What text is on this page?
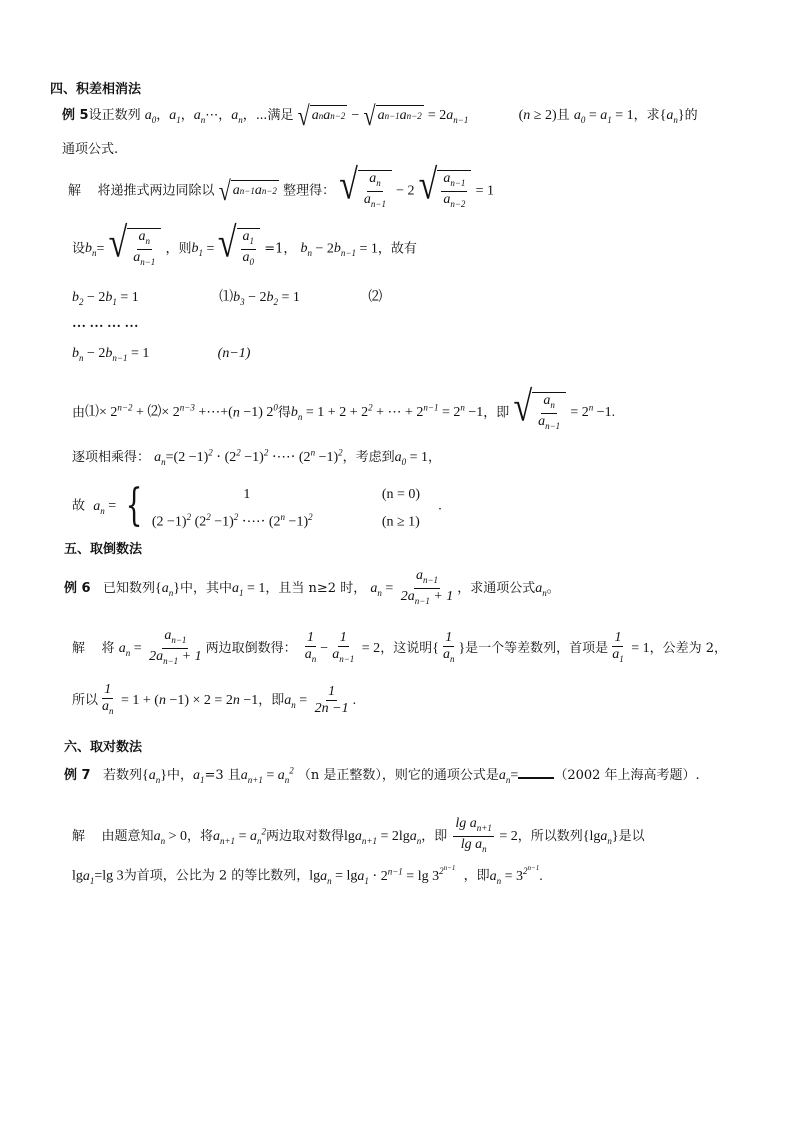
四、积差相消法
例 5设正数列 $a_0$，$a_1$，$a_n\cdots$，$a_n$，⋯满足 √ a n a n−2 − √ a n−1 a $n-2 = 2a_{n-1}$	(n ≥ 2)且 $a_0 = a_1 = 1$，求$\{a_n\}$的
通项公式.
解 将递推式两边同除以 √ a n−1 a n−2 整理得： √ $\frac{a_n}{a_{n-1}} - 2$ √ $\frac{a_{n-1}}{a_{n-2}} = 1$
设$b_n=$ √ $\frac{a_n}{a_{n-1}}$ ，则$b_1$ = √ $\frac{a_1}{a_0} =1$， $b_n - 2b_{n-1} = 1$，故有
$b_2 - 2b_1 = 1$	$⑴b_3 - 2b_2 = 1$	⑵
… … … …
$b_n - 2b_{n-1} = 1$	(n−1)
由⑴× $2^{n-2}$ + ⑵× $2^{n-3}$ +⋯+(n −1) $2^0$得$b_n = 1 + 2 + 2^2$ + ⋯ + $2^{n-1} = 2^n -1$，即 √ $\frac{a_n}{a_{n-1}} = 2^n -1$.
逐项相乘得： $a_n=(2 -1)^2 \cdot (2^2 -1)^2$ ⋅⋯⋅ $(2^n -1)^2$，考虑到$a_0 = 1$，
故 $a_n$ = {	1	(n = 0)
$(2 -1)^2$ $(2^2 -1)^2$ ⋅⋯⋅ $(2^n -1)^2$	(n ≥ 1)
.
五、取倒数法
例 6 已知数列$\{a_n\}$中，其中$a_1 = 1$，且当 n≥2 时， $a_n = \frac{a_{n-1}}{2a_{n-1} + 1}$ ，求通项公式$a_n$。
解 将 $a_n = \frac{a_{n-1}}{2a_{n-1} + 1}$ 两边取倒数得： $\frac{1}{a_n} - \frac{1}{a_{n-1}} = 2$，这说明{ $\frac{1}{a_n}$ }是一个等差数列，首项是 $\frac{1}{a_1} = 1$，公差为 2，
所以 $\frac{1}{a_n} = 1 + (n -1) \times 2 = 2n -1$，即$a_n = \frac{1}{2n -1}$ .
六、取对数法
例 7 若数列$\{a_n\}$中，$a_1=3$ 且$a_{n+1} = a_n^2$ （n 是正整数），则它的通项公式是$a_n=$	（2002 年上海高考题）.
解 由题意知$a_n > 0$，将$a_{n+1} = a_n^2$两边取对数得lga$_{n+1}$ = 2lga$_n$，即 $\frac{\lg a_{n+1}}{\lg a_n} = 2$，所以数列{lga$_n$}是以
lga$_1$=lg 3为首项，公比为 2 的等比数列，$\lg a_n = \lg a_1 \cdot 2^{n-1} = \lg 3^{2^{n-1}}$  ，即$a_n = 3^{2^{n-1}}$.
